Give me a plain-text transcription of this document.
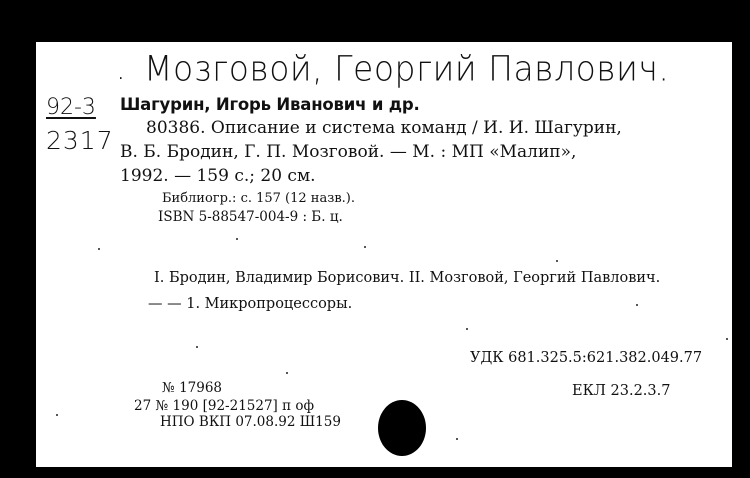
. Мозговой, Георгий Павлович.
92-3
2317
Шагурин, Игорь Иванович и др.
80386. Описание и система команд / И. И. Шагурин,
В. Б. Бродин, Г. П. Мозговой. — М. : МП «Малип»,
1992. — 159 с.; 20 см.
Библиогр.: с. 157 (12 назв.).
ISBN 5-88547-004-9 : Б. ц.
I. Бродин, Владимир Борисович. II. Мозговой, Георгий Павлович.
— — 1. Микропроцессоры.
УДК 681.325.5:621.382.049.77
№ 17968
27 № 190 [92-21527] п оф
НПО ВКП 07.08.92 Ш159
ЕКЛ 23.2.3.7
